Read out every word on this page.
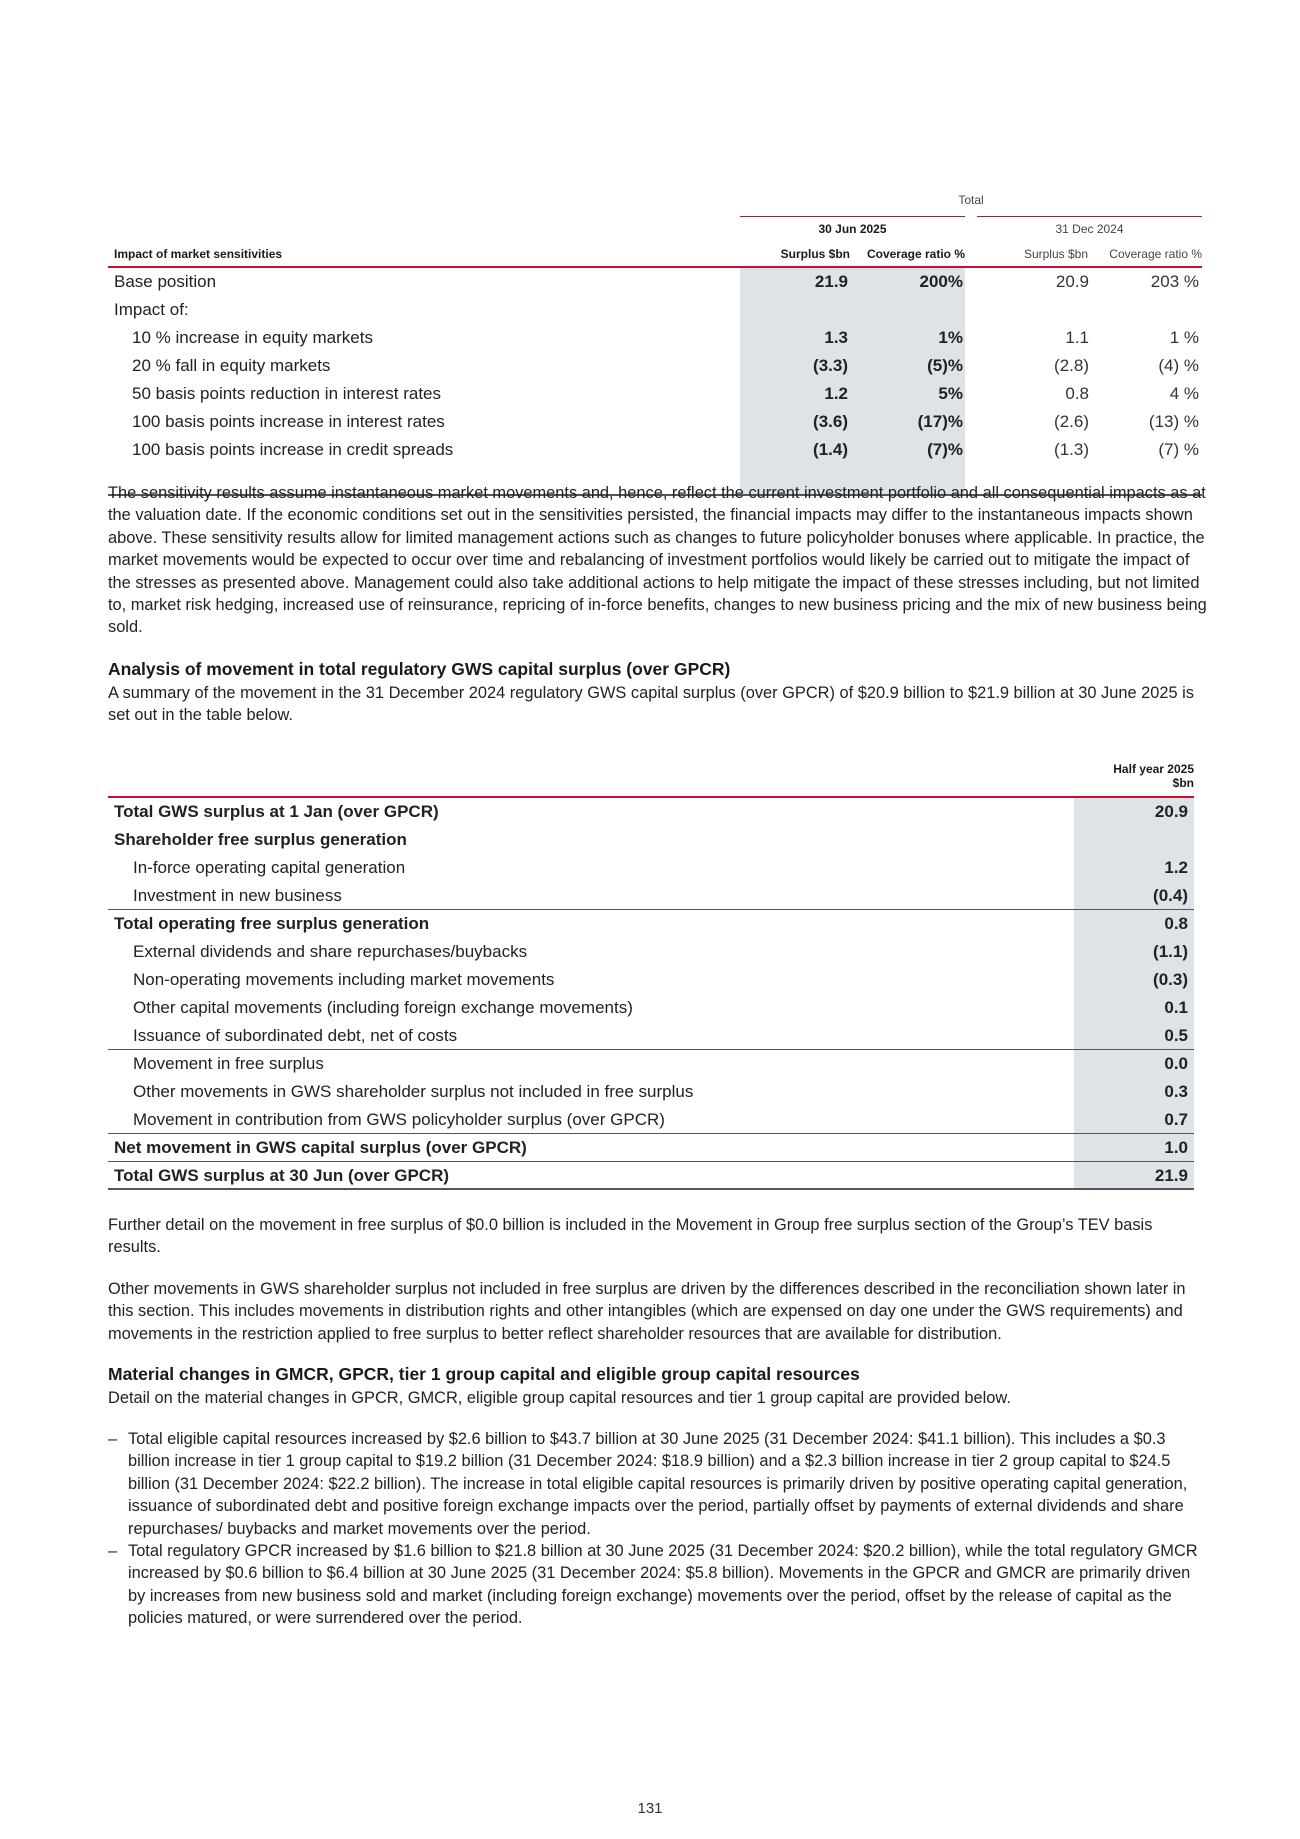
Total
30 Jun 2025	31 Dec 2024
Impact of market sensitivities	Surplus $bn	Coverage ratio %	Surplus $bn	Coverage ratio %
Base position	21.9	200%	20.9	203 %
Impact of:
10 % increase in equity markets	1.3	1%	1.1	1 %
20 % fall in equity markets	(3.3)	(5)%	(2.8)	(4) %
50 basis points reduction in interest rates	1.2	5%	0.8	4 %
100 basis points increase in interest rates	(3.6)	(17)%	(2.6)	(13) %
100 basis points increase in credit spreads	(1.4)	(7)%	(1.3)	(7) %
The sensitivity results assume instantaneous market movements and, hence, reflect the current investment portfolio and all consequential impacts as at the valuation date. If the economic conditions set out in the sensitivities persisted, the financial impacts may differ to the instantaneous impacts shown above. These sensitivity results allow for limited management actions such as changes to future policyholder bonuses where applicable. In practice, the market movements would be expected to occur over time and rebalancing of investment portfolios would likely be carried out to mitigate the impact of the stresses as presented above. Management could also take additional actions to help mitigate the impact of these stresses including, but not limited to, market risk hedging, increased use of reinsurance, repricing of in-force benefits, changes to new business pricing and the mix of new business being sold.
Analysis of movement in total regulatory GWS capital surplus (over GPCR)
A summary of the movement in the 31 December 2024 regulatory GWS capital surplus (over GPCR) of $20.9 billion to $21.9 billion at 30 June 2025 is set out in the table below.
Half year 2025
$bn
Total GWS surplus at 1 Jan (over GPCR)	20.9
Shareholder free surplus generation
In-force operating capital generation	1.2
Investment in new business	(0.4)
Total operating free surplus generation	0.8
External dividends and share repurchases/buybacks	(1.1)
Non-operating movements including market movements	(0.3)
Other capital movements (including foreign exchange movements)	0.1
Issuance of subordinated debt, net of costs	0.5
Movement in free surplus	0.0
Other movements in GWS shareholder surplus not included in free surplus	0.3
Movement in contribution from GWS policyholder surplus (over GPCR)	0.7
Net movement in GWS capital surplus (over GPCR)	1.0
Total GWS surplus at 30 Jun (over GPCR)	21.9
Further detail on the movement in free surplus of $0.0 billion is included in the Movement in Group free surplus section of the Group’s TEV basis results.
Other movements in GWS shareholder surplus not included in free surplus are driven by the differences described in the reconciliation shown later in this section. This includes movements in distribution rights and other intangibles (which are expensed on day one under the GWS requirements) and movements in the restriction applied to free surplus to better reflect shareholder resources that are available for distribution.
Material changes in GMCR, GPCR, tier 1 group capital and eligible group capital resources
Detail on the material changes in GPCR, GMCR, eligible group capital resources and tier 1 group capital are provided below.
– Total eligible capital resources increased by $2.6 billion to $43.7 billion at 30 June 2025 (31 December 2024: $41.1 billion). This includes a $0.3 billion increase in tier 1 group capital to $19.2 billion (31 December 2024: $18.9 billion) and a $2.3 billion increase in tier 2 group capital to $24.5 billion (31 December 2024: $22.2 billion). The increase in total eligible capital resources is primarily driven by positive operating capital generation, issuance of subordinated debt and positive foreign exchange impacts over the period, partially offset by payments of external dividends and share repurchases/ buybacks and market movements over the period.
– Total regulatory GPCR increased by $1.6 billion to $21.8 billion at 30 June 2025 (31 December 2024: $20.2 billion), while the total regulatory GMCR increased by $0.6 billion to $6.4 billion at 30 June 2025 (31 December 2024: $5.8 billion). Movements in the GPCR and GMCR are primarily driven by increases from new business sold and market (including foreign exchange) movements over the period, offset by the release of capital as the policies matured, or were surrendered over the period.
131
